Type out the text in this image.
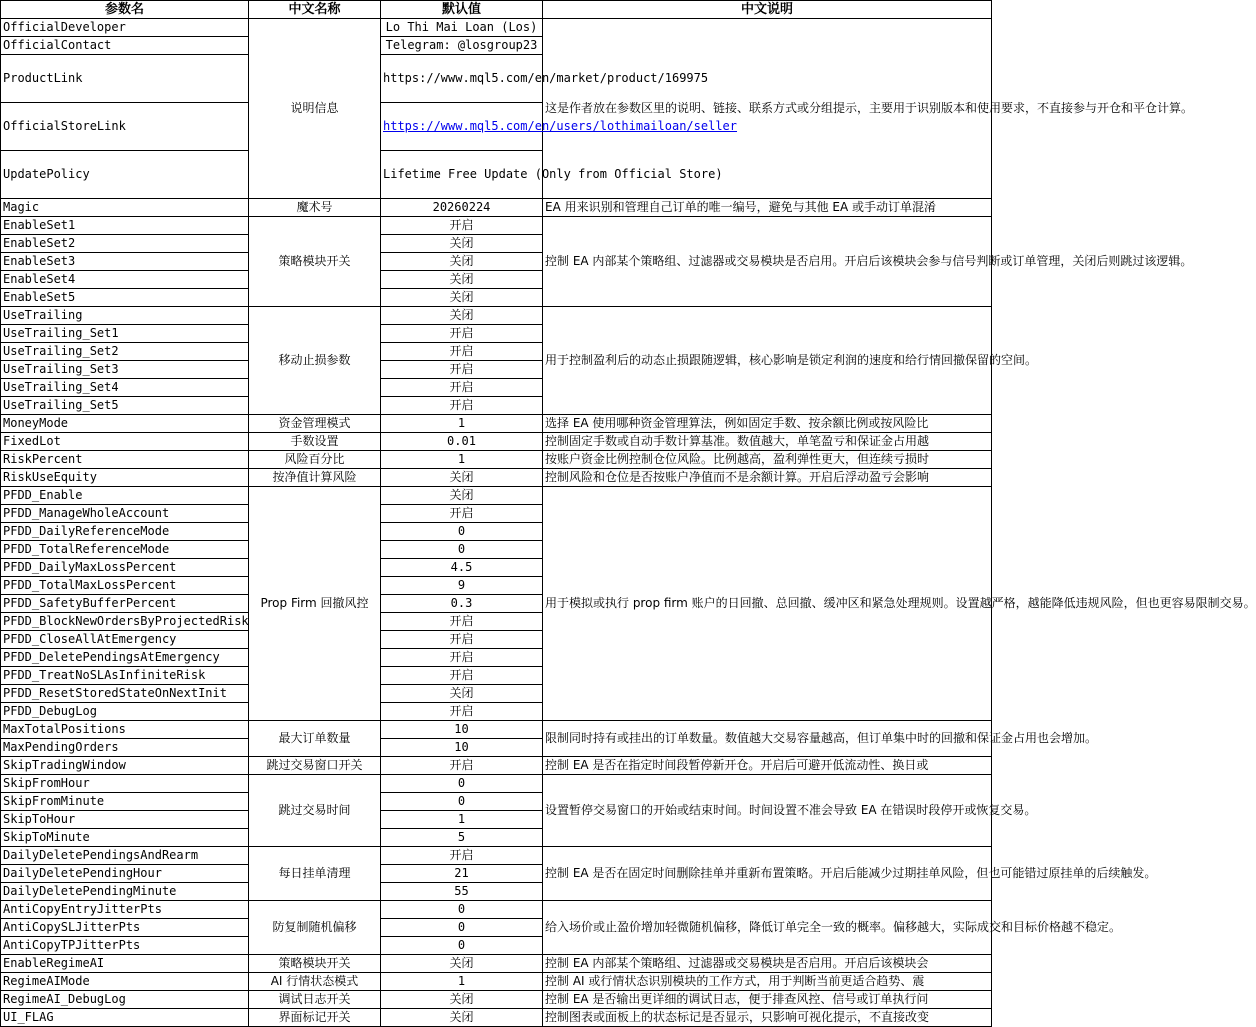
参数名	中文名称	默认值	中文说明
OfficialDeveloper	说明信息	Lo Thi Mai Loan (Los)	这是作者放在参数区里的说明、链接、联系方式或分组提示，主要用于识别版本和使用要求，不直接参与开仓和平仓计算。
OfficialContact		Telegram: @losgroup23	
ProductLink		https://www.mql5.com/en/market/product/169975	
OfficialStoreLink		https://www.mql5.com/en/users/lothimailoan/seller	
UpdatePolicy		Lifetime Free Update (Only from Official Store)	
Magic	魔术号	20260224	EA 用来识别和管理自己订单的唯一编号，避免与其他 EA 或手动订单混淆
EnableSet1	策略模块开关	开启	控制 EA 内部某个策略组、过滤器或交易模块是否启用。开启后该模块会参与信号判断或订单管理，关闭后则跳过该逻辑。
EnableSet2		关闭	
EnableSet3		关闭	
EnableSet4		关闭	
EnableSet5		关闭	
UseTrailing	移动止损参数	关闭	用于控制盈利后的动态止损跟随逻辑，核心影响是锁定利润的速度和给行情回撤保留的空间。
UseTrailing_Set1		开启	
UseTrailing_Set2		开启	
UseTrailing_Set3		开启	
UseTrailing_Set4		开启	
UseTrailing_Set5		开启	
MoneyMode	资金管理模式	1	选择 EA 使用哪种资金管理算法，例如固定手数、按余额比例或按风险比
FixedLot	手数设置	0.01	控制固定手数或自动手数计算基准。数值越大，单笔盈亏和保证金占用越
RiskPercent	风险百分比	1	按账户资金比例控制仓位风险。比例越高，盈利弹性更大，但连续亏损时
RiskUseEquity	按净值计算风险	关闭	控制风险和仓位是否按账户净值而不是余额计算。开启后浮动盈亏会影响
PFDD_Enable	Prop Firm 回撤风控	关闭	用于模拟或执行 prop firm 账户的日回撤、总回撤、缓冲区和紧急处理规则。设置越严格，越能降低违规风险，但也更容易限制交易。
PFDD_ManageWholeAccount		开启	
PFDD_DailyReferenceMode		0	
PFDD_TotalReferenceMode		0	
PFDD_DailyMaxLossPercent		4.5	
PFDD_TotalMaxLossPercent		9	
PFDD_SafetyBufferPercent		0.3	
PFDD_BlockNewOrdersByProjectedRisk		开启	
PFDD_CloseAllAtEmergency		开启	
PFDD_DeletePendingsAtEmergency		开启	
PFDD_TreatNoSLAsInfiniteRisk		开启	
PFDD_ResetStoredStateOnNextInit		关闭	
PFDD_DebugLog		开启	
MaxTotalPositions	最大订单数量	10	限制同时持有或挂出的订单数量。数值越大交易容量越高，但订单集中时的回撤和保证金占用也会增加。
MaxPendingOrders		10	
SkipTradingWindow	跳过交易窗口开关	开启	控制 EA 是否在指定时间段暂停新开仓。开启后可避开低流动性、换日或
SkipFromHour	跳过交易时间	0	设置暂停交易窗口的开始或结束时间。时间设置不准会导致 EA 在错误时段停开或恢复交易。
SkipFromMinute		0	
SkipToHour		1	
SkipToMinute		5	
DailyDeletePendingsAndRearm	每日挂单清理	开启	控制 EA 是否在固定时间删除挂单并重新布置策略。开启后能减少过期挂单风险，但也可能错过原挂单的后续触发。
DailyDeletePendingHour		21	
DailyDeletePendingMinute		55	
AntiCopyEntryJitterPts	防复制随机偏移	0	给入场价或止盈价增加轻微随机偏移，降低订单完全一致的概率。偏移越大，实际成交和目标价格越不稳定。
AntiCopySLJitterPts		0	
AntiCopyTPJitterPts		0	
EnableRegimeAI	策略模块开关	关闭	控制 EA 内部某个策略组、过滤器或交易模块是否启用。开启后该模块会
RegimeAIMode	AI 行情状态模式	1	控制 AI 或行情状态识别模块的工作方式，用于判断当前更适合趋势、震
RegimeAI_DebugLog	调试日志开关	关闭	控制 EA 是否输出更详细的调试日志，便于排查风控、信号或订单执行问
UI_FLAG	界面标记开关	关闭	控制图表或面板上的状态标记是否显示，只影响可视化提示，不直接改变
